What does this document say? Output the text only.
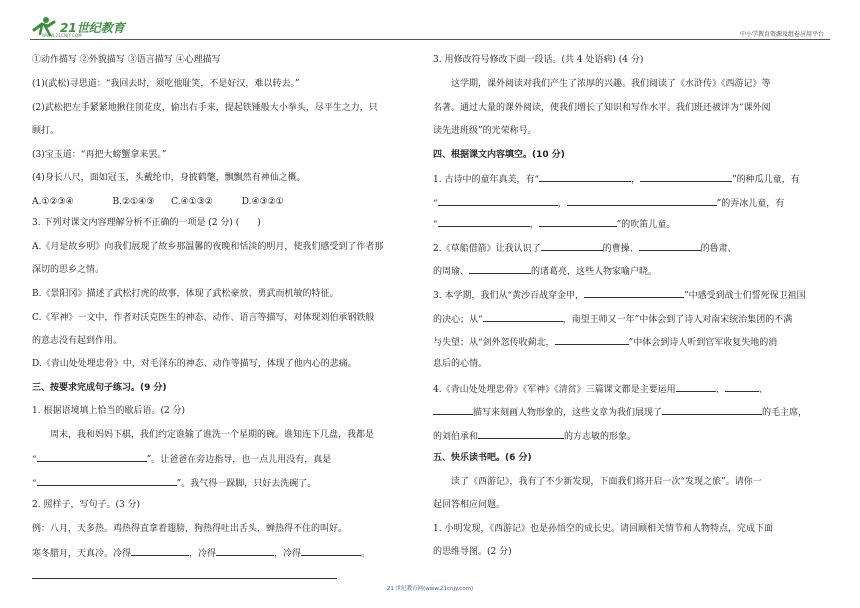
21世纪教育
WWW.21CNJY.COM	中小学教育资源及组卷应用平台
①动作描写 ②外貌描写 ③语言描写 ④心理描写
(1)(武松)寻思道：“我回去时，须吃他耻笑，不是好汉，难以转去。”
(2)武松把左手紧紧地揪住顶花皮，偷出右手来，提起铁锤般大小拳头，尽平生之力，只
顾打。
(3)宝玉道：“再把大螃蟹拿来罢。”
(4)身长八尺，面如冠玉，头戴纶巾，身披鹤氅，飘飘然有神仙之概。
A.①②③④	B.②①④③ C.④①③②	D.④③②①
3. 下列对课文内容理解分析不正确的一项是 (2 分) (　　)
A.《月是故乡明》向我们展现了故乡那温馨的夜晚和恬淡的明月，使我们感受到了作者那
深切的思乡之情。
B.《景阳冈》描述了武松打虎的故事，体现了武松豪放、勇武而机敏的特征。
C.《军神》一文中，作者对沃克医生的神态、动作、语言等描写，对体现刘伯承钢铁般
的意志没有起到作用。
D.《青山处处埋忠骨》中，对毛泽东的神态、动作等描写，体现了他内心的悲痛。
三、按要求完成句子练习。(9 分)
1. 根据语境填上恰当的歇后语。(2 分)
周末，我和妈妈下棋，我们约定谁输了谁洗一个星期的碗。谁知连下几盘，我都是
“	”。让爸爸在旁边指导，也一点儿用没有，真是
“	”。我气得一跺脚，只好去洗碗了。
2. 照样子，写句子。(3 分)
例：八月，天多热。鸡热得直拿着翅膀，狗热得吐出舌头，蝉热得不住的叫好。
寒冬腊月，天真冷。冷得	，冷得	，冷得	。
3. 用修改符号修改下面一段话。(共 4 处语病) (4 分)
这学期，课外阅读对我们产生了浓厚的兴趣。我们阅读了《水浒传》《西游记》等
名著。通过大量的课外阅读，使我们增长了知识和写作水平。我们班还被评为“课外阅
读先进班级”的光荣称号。
四、根据课文内容填空。(10 分)
1. 古诗中的童年真美，有“	，	”的种瓜儿童，有
“	，	”的弄冰儿童，有
“	，	”的吹笛儿童。
2.《草船借箭》让我认识了	的曹操、	的鲁肃、
的周瑜、	的诸葛亮，这些人物家喻户晓。
3. 本学期，我们从“黄沙百战穿金甲，	”中感受到战士们誓死保卫祖国
的决心；从“	，南望王师又一年”中体会到了诗人对南宋统治集团的不满
与失望；从“剑外忽传收蓟北，	”中体会到诗人听到官军收复失地的消
息后的心情。
4.《青山处处埋忠骨》《军神》《清贫》三篇课文都是主要运用	、	、
描写来刻画人物形象的，这些文章为我们展现了	的毛主席，
的刘伯承和	的方志敏的形象。
五、快乐读书吧。(6 分)
读了《西游记》，我有了不少新发现，下面我们将开启一次“发现之旅”。请你一
起回答相应问题。
1. 小明发现，《西游记》也是孙悟空的成长史。请回顾相关情节和人物特点，完成下面
的思维导图。(2 分)
21 世纪教育网(www.21cnjy.com)
